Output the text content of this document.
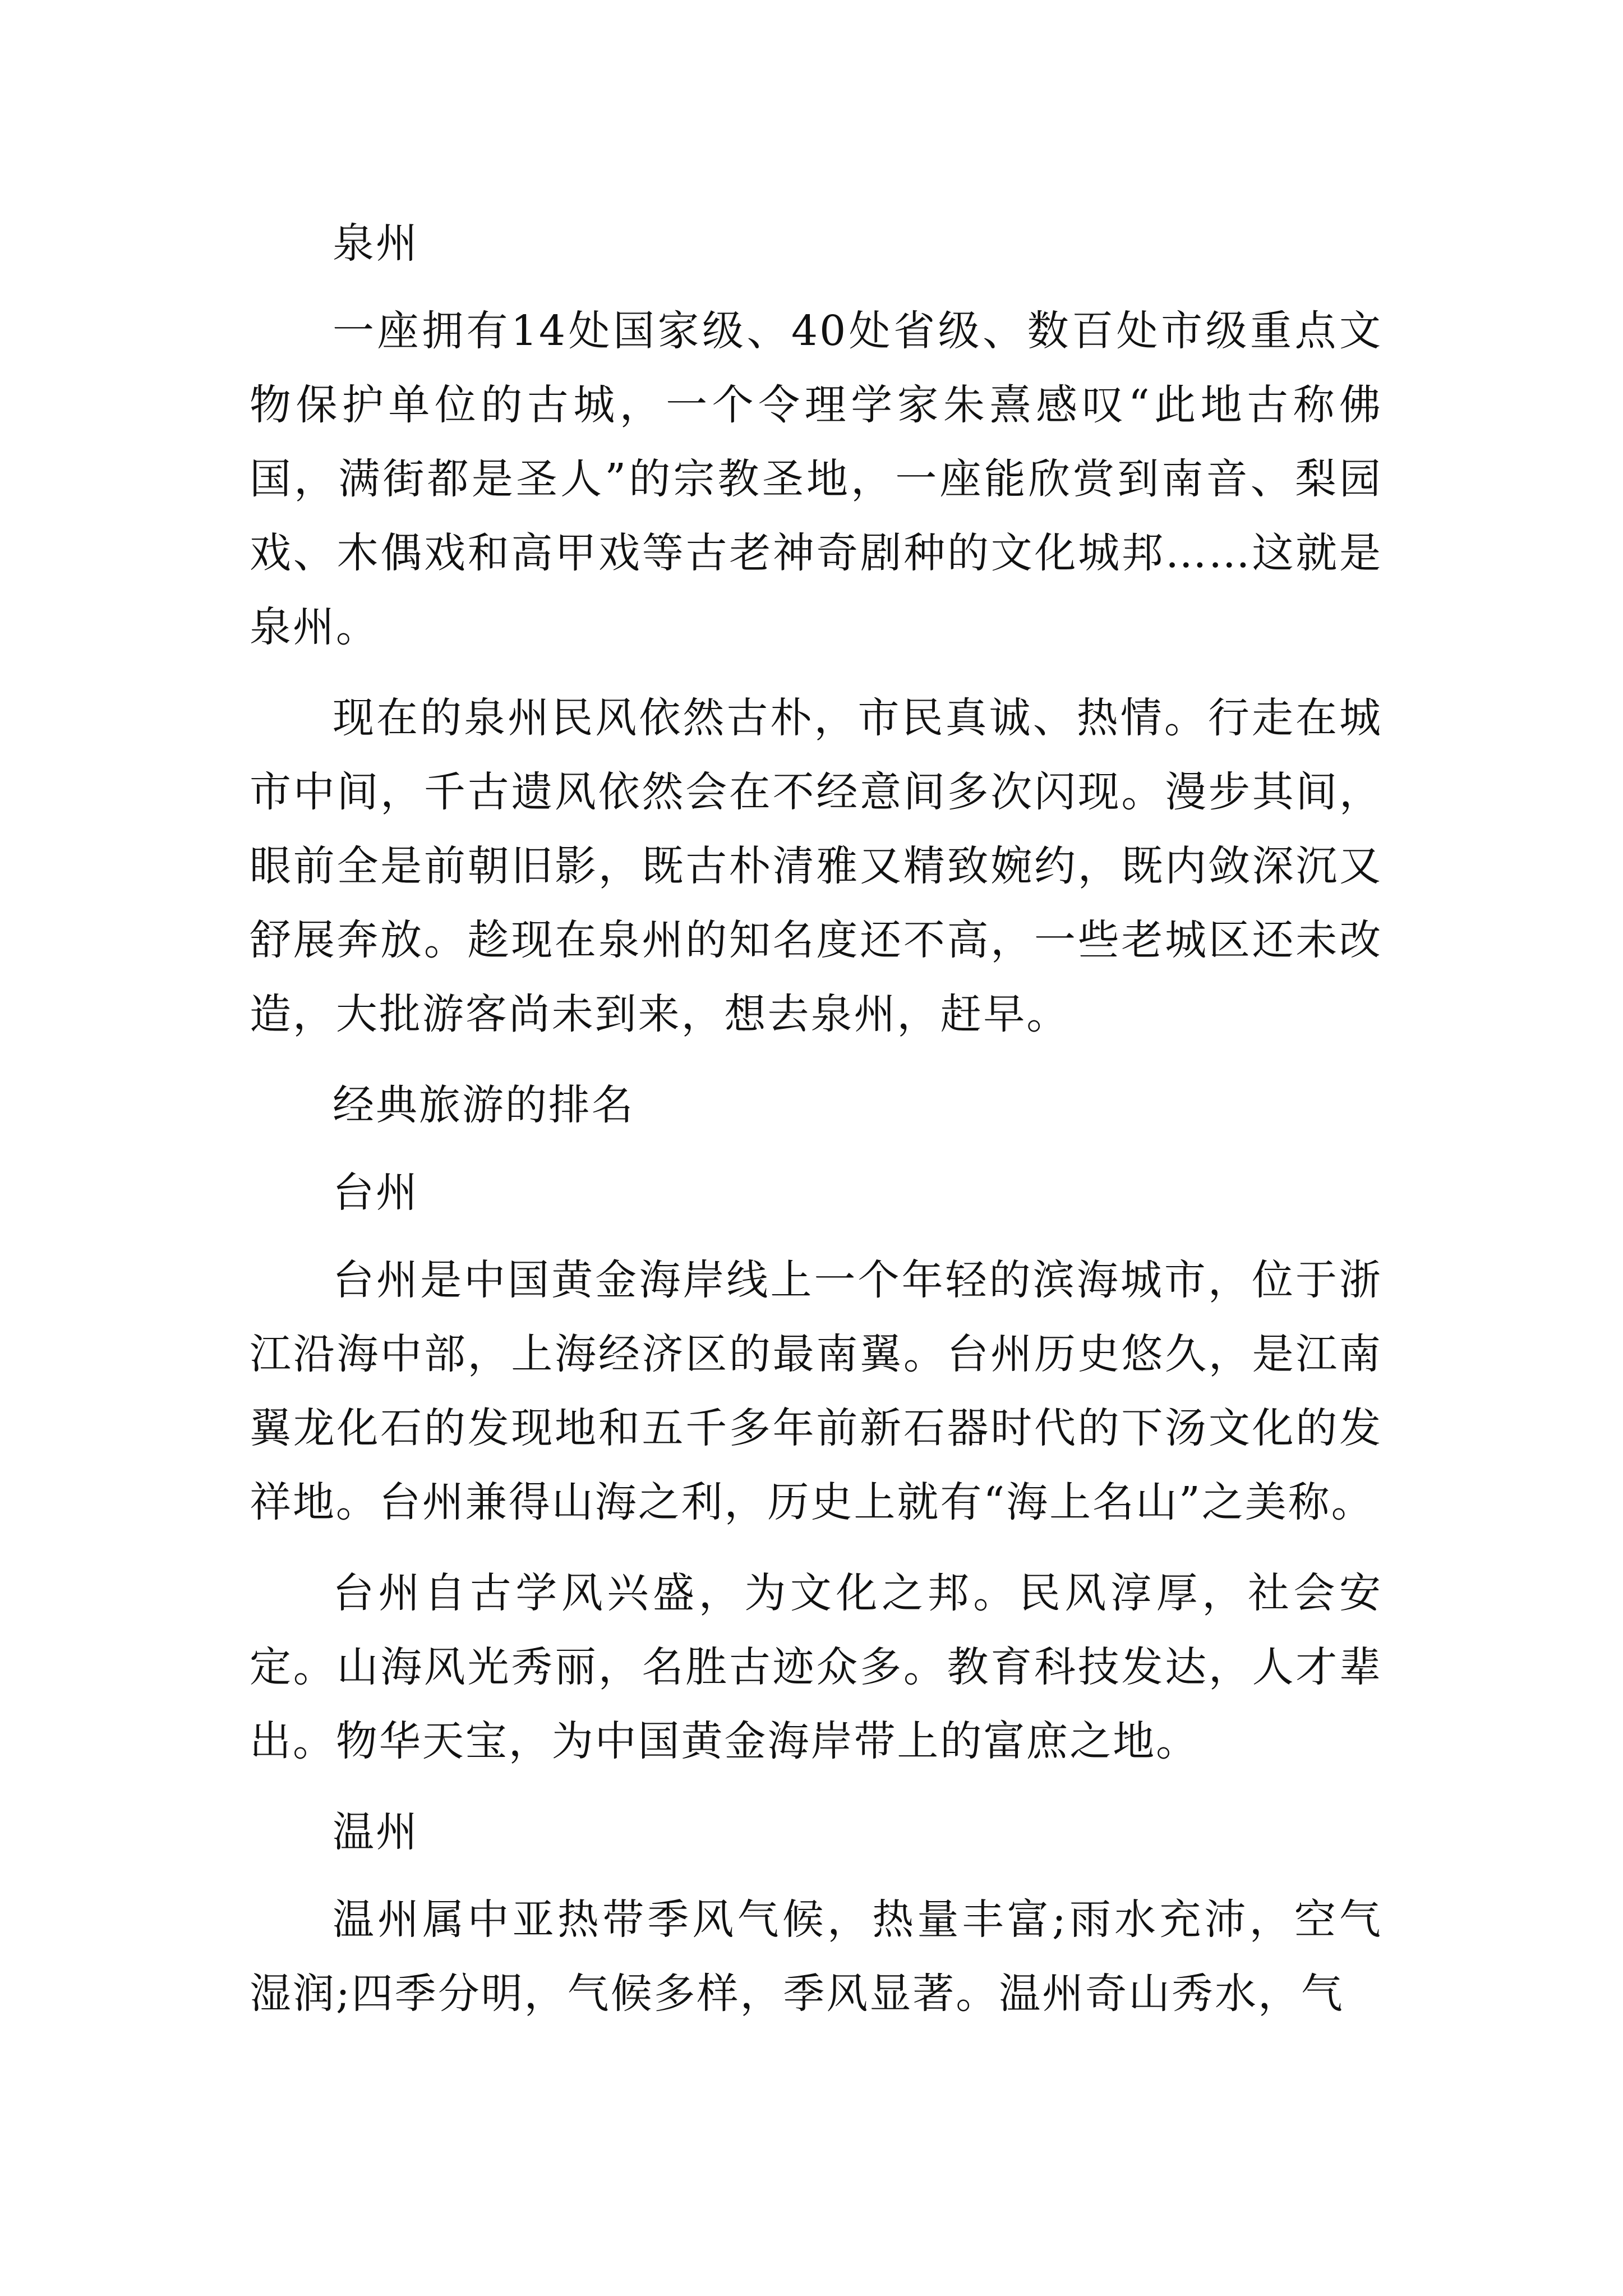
泉州

一座拥有14处国家级、40处省级、数百处市级重点文物保护单位的古城，一个令理学家朱熹感叹“此地古称佛国，满街都是圣人”的宗教圣地，一座能欣赏到南音、梨园戏、木偶戏和高甲戏等古老神奇剧种的文化城邦……这就是泉州。

现在的泉州民风依然古朴，市民真诚、热情。行走在城市中间，千古遗风依然会在不经意间多次闪现。漫步其间，眼前全是前朝旧影，既古朴清雅又精致婉约，既内敛深沉又舒展奔放。趁现在泉州的知名度还不高，一些老城区还未改造，大批游客尚未到来，想去泉州，赶早。

经典旅游的排名

台州

台州是中国黄金海岸线上一个年轻的滨海城市，位于浙江沿海中部，上海经济区的最南翼。台州历史悠久，是江南翼龙化石的发现地和五千多年前新石器时代的下汤文化的发祥地。台州兼得山海之利，历史上就有“海上名山”之美称。

台州自古学风兴盛，为文化之邦。民风淳厚，社会安定。山海风光秀丽，名胜古迹众多。教育科技发达，人才辈出。物华天宝，为中国黄金海岸带上的富庶之地。

温州

温州属中亚热带季风气候，热量丰富;雨水充沛，空气湿润;四季分明，气候多样，季风显著。温州奇山秀水，气
